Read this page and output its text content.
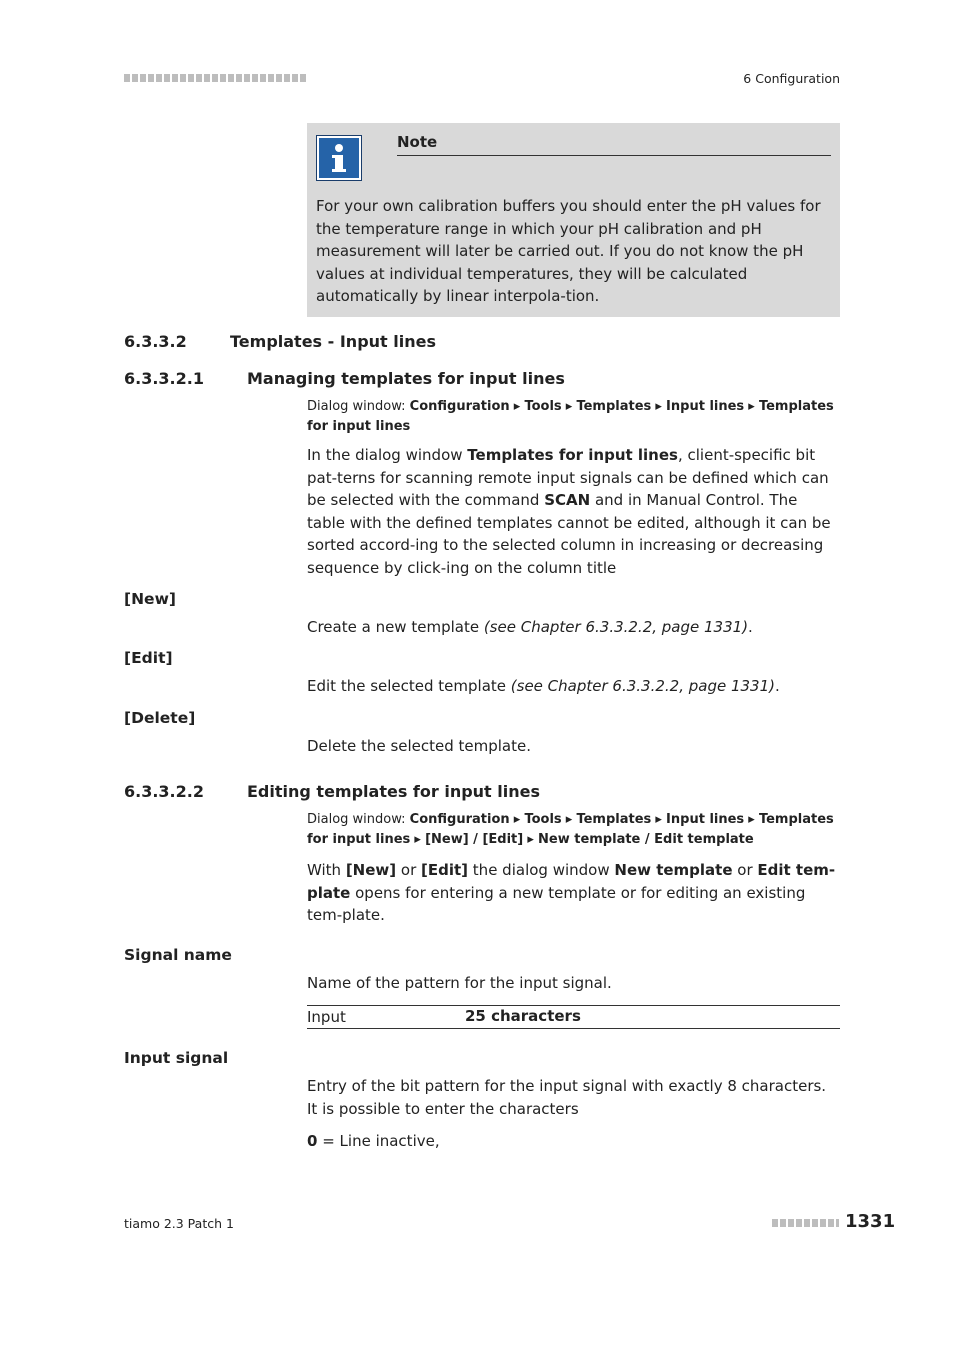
6 Configuration
Note
For your own calibration buffers you should enter the pH values for the temperature range in which your pH calibration and pH measurement will later be carried out. If you do not know the pH values at individual temperatures, they will be calculated automatically by linear interpola-tion.
6.3.3.2	Templates - Input lines
6.3.3.2.1	Managing templates for input lines
Dialog window: Configuration ▸ Tools ▸ Templates ▸ Input lines ▸ Templates for input lines
In the dialog window Templates for input lines, client-specific bit pat-terns for scanning remote input signals can be defined which can be selected with the command SCAN and in Manual Control. The table with the defined templates cannot be edited, although it can be sorted accord-ing to the selected column in increasing or decreasing sequence by click-ing on the column title
[New]
Create a new template (see Chapter 6.3.3.2.2, page 1331).
[Edit]
Edit the selected template (see Chapter 6.3.3.2.2, page 1331).
[Delete]
Delete the selected template.
6.3.3.2.2	Editing templates for input lines
Dialog window: Configuration ▸ Tools ▸ Templates ▸ Input lines ▸ Templates for input lines ▸ [New] / [Edit] ▸ New template / Edit template
With [New] or [Edit] the dialog window New template or Edit tem-plate opens for entering a new template or for editing an existing tem-plate.
Signal name
Name of the pattern for the input signal.
Input	25 characters
Input signal
Entry of the bit pattern for the input signal with exactly 8 characters. It is possible to enter the characters
0 = Line inactive,
tiamo 2.3 Patch 1	1331
